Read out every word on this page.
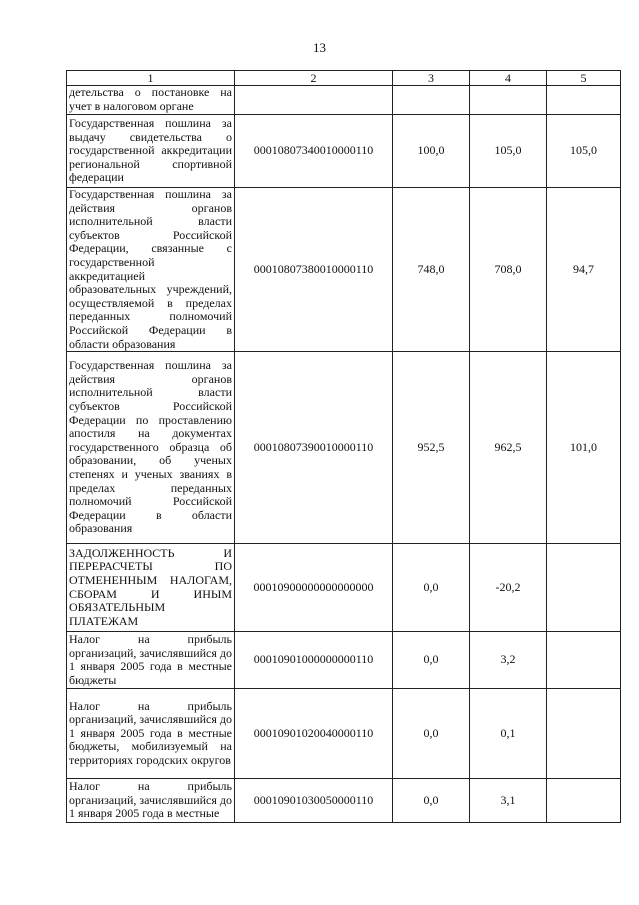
13
1	2	3	4	5
детельства о постановке на учет в налоговом органе				
Государственная пошлина за выдачу свидетельства о государственной аккредитации региональной спортивной федерации	00010807340010000110	100,0	105,0	105,0
Государственная пошлина за действия органов исполнительной власти субъектов Российской Федерации, связанные с государственной аккредитацией образовательных учреждений, осуществляемой в пределах переданных полномочий Российской Федерации в области образования	00010807380010000110	748,0	708,0	94,7
Государственная пошлина за действия органов исполнительной власти субъектов Российской Федерации по проставлению апостиля на документах государственного образца об образовании, об ученых степенях и ученых званиях в пределах переданных полномочий Российской Федерации в области образования	00010807390010000110	952,5	962,5	101,0
ЗАДОЛЖЕННОСТЬ И ПЕРЕРАСЧЕТЫ ПО ОТМЕНЕННЫМ НАЛОГАМ, СБОРАМ И ИНЫМ ОБЯЗАТЕЛЬНЫМ ПЛАТЕЖАМ	00010900000000000000	0,0	-20,2	
Налог на прибыль организаций, зачислявшийся до 1 января 2005 года в местные бюджеты	00010901000000000110	0,0	3,2	
Налог на прибыль организаций, зачислявшийся до 1 января 2005 года в местные бюджеты, мобилизуемый на территориях городских округов	00010901020040000110	0,0	0,1	
Налог на прибыль организаций, зачислявшийся до 1 января 2005 года в местные	00010901030050000110	0,0	3,1	
